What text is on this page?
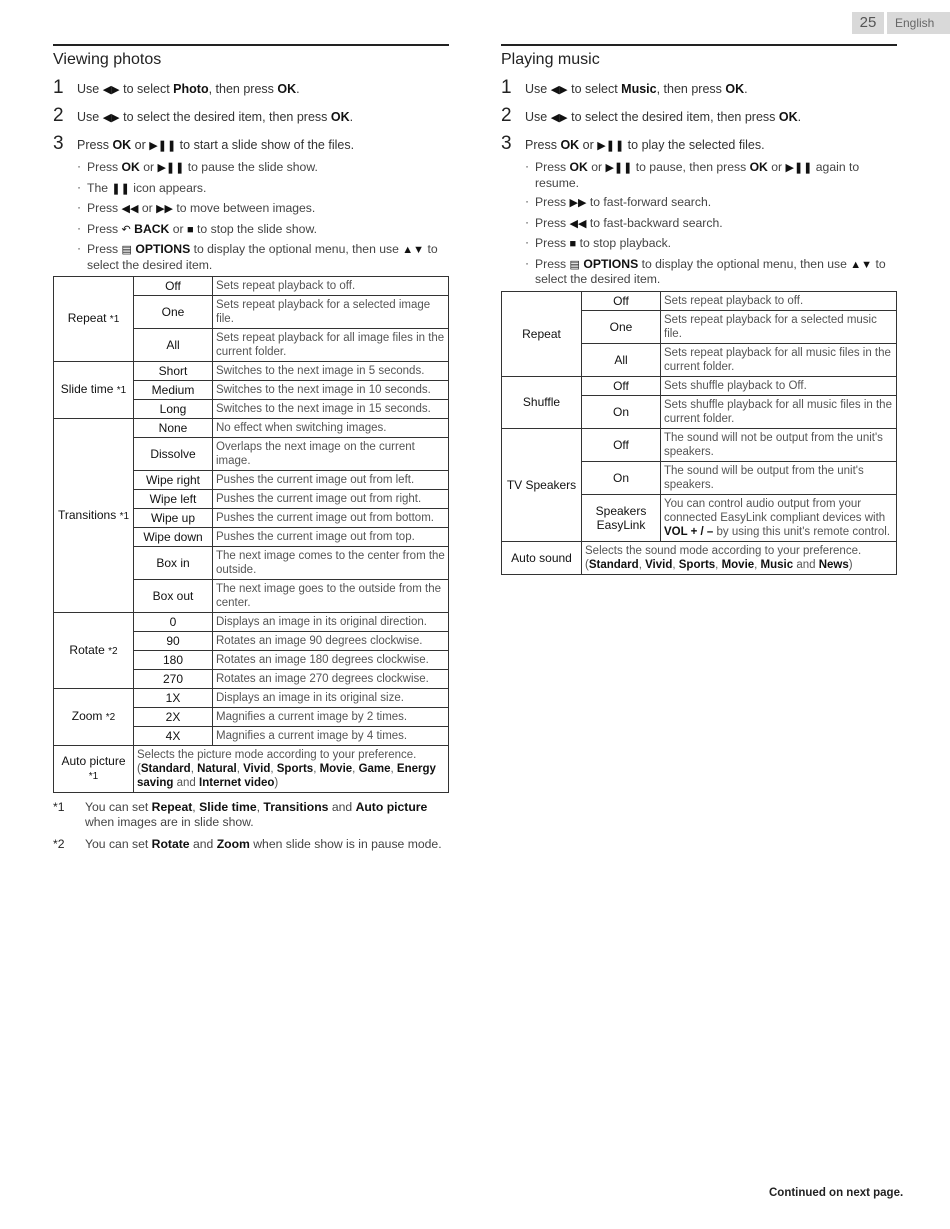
25	English
Viewing photos
1	Use ◀▶ to select Photo, then press OK.
2	Use ◀▶ to select the desired item, then press OK.
3	Press OK or ▶❚❚ to start a slide show of the files.
· Press OK or ▶❚❚ to pause the slide show.
· The ❚❚ icon appears.
· Press ◀◀ or ▶▶ to move between images.
· Press ↶ BACK or ■ to stop the slide show.
· Press ▤ OPTIONS to display the optional menu, then use ▲▼ to select the desired item.
Repeat *1	Off	Sets repeat playback to off.
	One	Sets repeat playback for a selected image file.
	All	Sets repeat playback for all image files in the current folder.
Slide time *1	Short	Switches to the next image in 5 seconds.
	Medium	Switches to the next image in 10 seconds.
	Long	Switches to the next image in 15 seconds.
Transitions *1	None	No effect when switching images.
	Dissolve	Overlaps the next image on the current image.
	Wipe right	Pushes the current image out from left.
	Wipe left	Pushes the current image out from right.
	Wipe up	Pushes the current image out from bottom.
	Wipe down	Pushes the current image out from top.
	Box in	The next image comes to the center from the outside.
	Box out	The next image goes to the outside from the center.
Rotate *2	0	Displays an image in its original direction.
	90	Rotates an image 90 degrees clockwise.
	180	Rotates an image 180 degrees clockwise.
	270	Rotates an image 270 degrees clockwise.
Zoom *2	1X	Displays an image in its original size.
	2X	Magnifies a current image by 2 times.
	4X	Magnifies a current image by 4 times.
Auto picture *1	Selects the picture mode according to your preference.
(Standard, Natural, Vivid, Sports, Movie, Game, Energy saving and Internet video)	
*1	You can set Repeat, Slide time, Transitions and Auto picture when images are in slide show.
*2	You can set Rotate and Zoom when slide show is in pause mode.
Playing music
1	Use ◀▶ to select Music, then press OK.
2	Use ◀▶ to select the desired item, then press OK.
3	Press OK or ▶❚❚ to play the selected files.
· Press OK or ▶❚❚ to pause, then press OK or ▶❚❚ again to resume.
· Press ▶▶ to fast-forward search.
· Press ◀◀ to fast-backward search.
· Press ■ to stop playback.
· Press ▤ OPTIONS to display the optional menu, then use ▲▼ to select the desired item.
Repeat	Off	Sets repeat playback to off.
	One	Sets repeat playback for a selected music file.
	All	Sets repeat playback for all music files in the current folder.
Shuffle	Off	Sets shuffle playback to Off.
	On	Sets shuffle playback for all music files in the current folder.
TV Speakers	Off	The sound will not be output from the unit's speakers.
	On	The sound will be output from the unit's speakers.
	Speakers EasyLink	You can control audio output from your connected EasyLink compliant devices with VOL + / – by using this unit's remote control.
Auto sound	Selects the sound mode according to your preference.
(Standard, Vivid, Sports, Movie, Music and News)	
Continued on next page.
